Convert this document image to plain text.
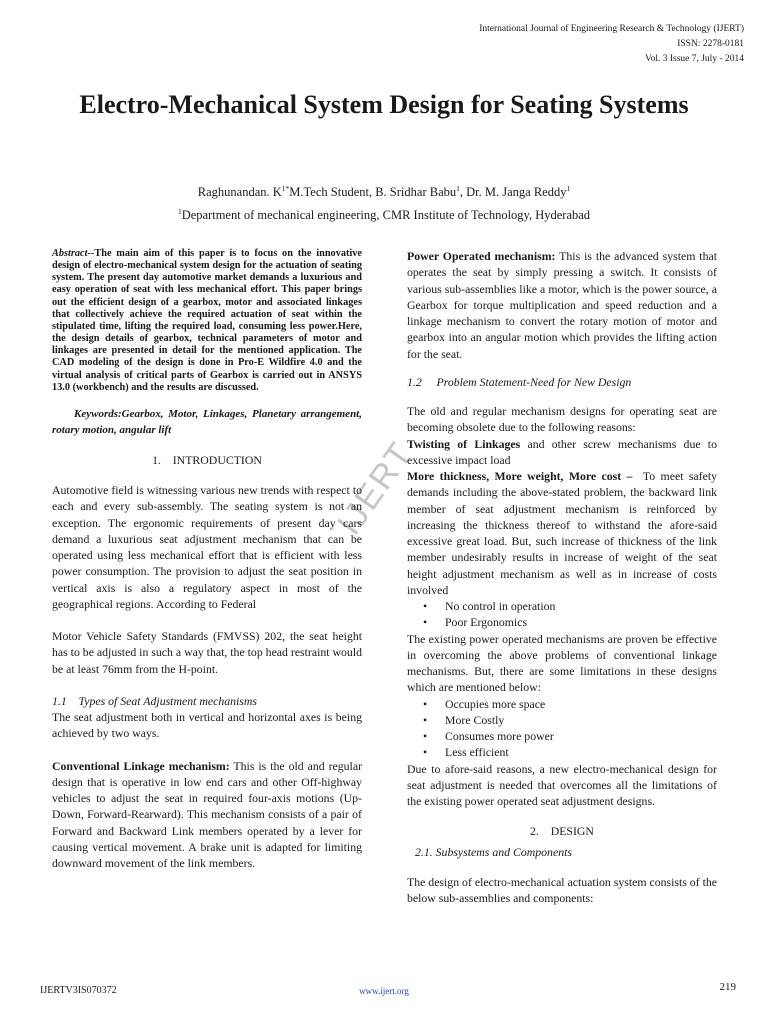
International Journal of Engineering Research & Technology (IJERT)
ISSN: 2278-0181
Vol. 3 Issue 7, July - 2014
Electro-Mechanical System Design for Seating Systems
Raghunandan. $K^{1*}M.Tech$ Student, B. Sridhar Babu$^1$, Dr. M. Janga Reddy$^1$
$^1$Department of mechanical engineering, CMR Institute of Technology, Hyderabad
IJERT

Abstract--The main aim of this paper is to focus on the innovative design of electro-mechanical system design for the actuation of seating system. The present day automotive market demands a luxurious and easy operation of seat with less mechanical effort. This paper brings out the efficient design of a gearbox, motor and associated linkages that collectively achieve the required actuation of seat within the stipulated time, lifting the required load, consuming less power.Here, the design details of gearbox, technical parameters of motor and linkages are presented in detail for the mentioned application. The CAD modeling of the design is done in Pro-E Wildfire 4.0 and the virtual analysis of critical parts of Gearbox is carried out in ANSYS 13.0 (workbench) and the results are discussed.

Keywords:Gearbox, Motor, Linkages, Planetary arrangement, rotary motion, angular lift

1.    INTRODUCTION

Automotive field is witnessing various new trends with respect to each and every sub-assembly. The seating system is not an exception. The ergonomic requirements of present day cars demand a luxurious seat adjustment mechanism that can be operated using less mechanical effort that is efficient with less power consumption. The provision to adjust the seat position in vertical axis is also a regulatory aspect in most of the geographical regions. According to Federal

Motor Vehicle Safety Standards (FMVSS) 202, the seat height has to be adjusted in such a way that, the top head restraint would be at least 76mm from the H-point.

1.1    Types of Seat Adjustment mechanisms

The seat adjustment both in vertical and horizontal axes is being achieved by two ways.

Conventional Linkage mechanism: This is the old and regular design that is operative in low end cars and other Off-highway vehicles to adjust the seat in required four-axis motions (Up-Down, Forward-Rearward). This mechanism consists of a pair of Forward and Backward Link members operated by a lever for causing vertical movement. A brake unit is adapted for limiting downward movement of the link members.

Power Operated mechanism: This is the advanced system that operates the seat by simply pressing a switch. It consists of various sub-assemblies like a motor, which is the power source, a Gearbox for torque multiplication and speed reduction and a linkage mechanism to convert the rotary motion of motor and gearbox into an angular motion which provides the lifting action for the seat.

1.2     Problem Statement-Need for New Design

The old and regular mechanism designs for operating seat are becoming obsolete due to the following reasons:

Twisting of Linkages and other screw mechanisms due to excessive impact load

More thickness, More weight, More cost –  To meet safety demands including the above-stated problem, the backward link member of seat adjustment mechanism is reinforced by increasing the thickness thereof to withstand the afore-said excessive great load. But, such increase of thickness of the link member undesirably results in increase of weight of the seat height adjustment mechanism as well as in increase of costs involved

• No control in operation
• Poor Ergonomics

The existing power operated mechanisms are proven be effective in overcoming the above problems of conventional linkage mechanisms. But, there are some limitations in these designs which are mentioned below:

• Occupies more space
• More Costly
• Consumes more power
• Less efficient

Due to afore-said reasons, a new electro-mechanical design for seat adjustment is needed that overcomes all the limitations of the existing power operated seat adjustment designs.

2.    DESIGN

2.1. Subsystems and Components

The design of electro-mechanical actuation system consists of the below sub-assemblies and components:

IJERTV3IS070372	www.ijert.org	219
